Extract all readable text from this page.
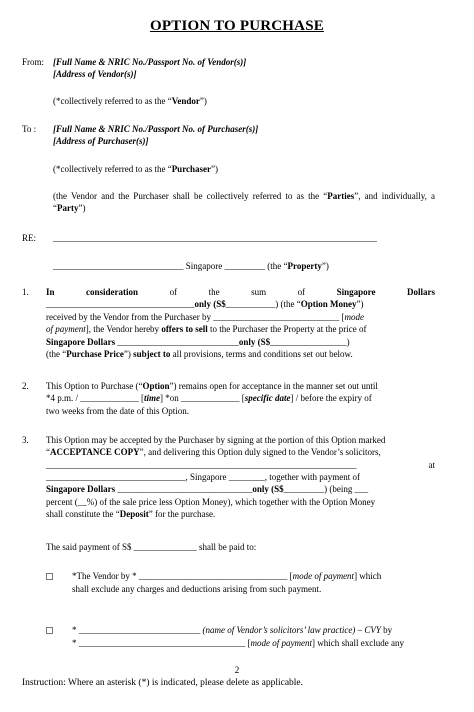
OPTION TO PURCHASE
From: [Full Name & NRIC No./Passport No. of Vendor(s)]
[Address of Vendor(s)]
(*collectively referred to as the “Vendor”)
To : [Full Name & NRIC No./Passport No. of Purchaser(s)]
[Address of Purchaser(s)]
(*collectively referred to as the “Purchaser”)
(the Vendor and the Purchaser shall be collectively referred to as the “Parties”, and individually, a “Party”)
RE: ________________________________________________________________________
_____________________________ Singapore _________ (the “Property”)
1. In	consideration	of	the	sum	of	Singapore	Dollars
_________________________________only (S$___________) (the “Option Money”)
received by the Vendor from the Purchaser by ____________________________ [mode
of payment], the Vendor hereby offers to sell to the Purchaser the Property at the price of
Singapore Dollars ___________________________only (S$_________________)
(the “Purchase Price”) subject to all provisions, terms and conditions set out below.
2. This Option to Purchase (“Option”) remains open for acceptance in the manner set out until
*4 p.m. / _____________ [time] *on _____________ [specific date] / before the expiry of
two weeks from the date of this Option.
3. This Option may be accepted by the Purchaser by signing at the portion of this Option marked
“ACCEPTANCE COPY”, and delivering this Option duly signed to the Vendor’s solicitors,
_____________________________________________________________________	at
_______________________________, Singapore ________, together with payment of
Singapore Dollars ______________________________only (S$_________) (being ___
percent (__%) of the sale price less Option Money), which together with the Option Money
shall constitute the “Deposit” for the purchase.
The said payment of S$ ______________ shall be paid to:
*The Vendor by * _________________________________ [mode of payment] which
shall exclude any charges and deductions arising from such payment.
* ___________________________ (name of Vendor’s solicitors’ law practice) – CVY by
* _____________________________________ [mode of payment] which shall exclude any
2
Instruction: Where an asterisk (*) is indicated, please delete as applicable.
